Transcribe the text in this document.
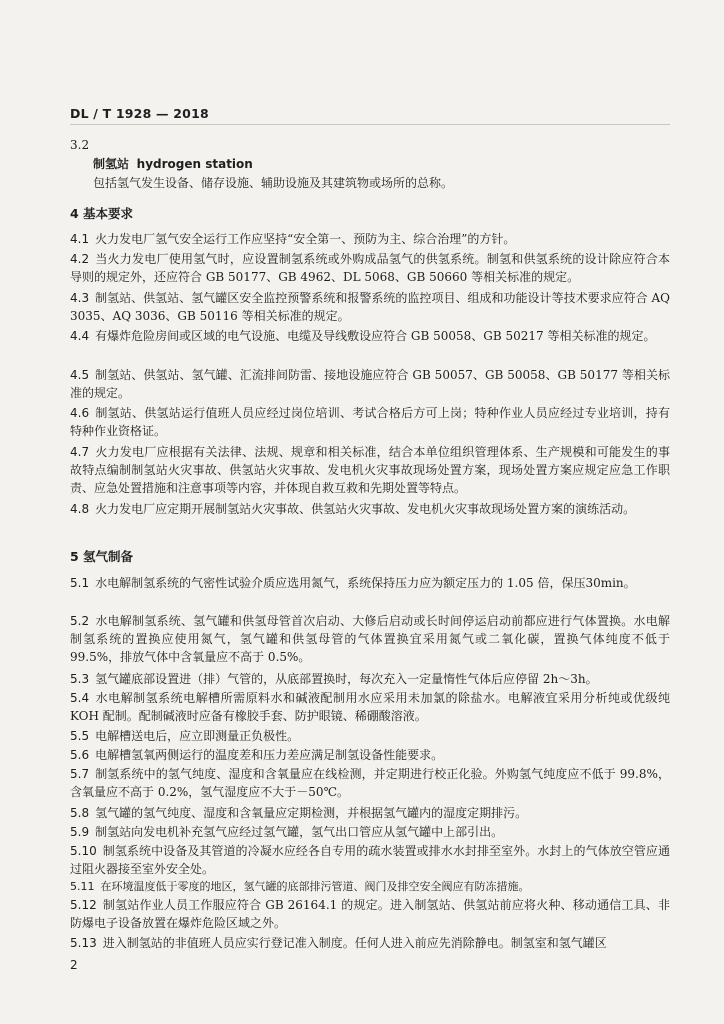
DL / T 1928 — 2018
3.2
制氢站 hydrogen station
包括氢气发生设备、储存设施、辅助设施及其建筑物或场所的总称。
4 基本要求
4.1 火力发电厂氢气安全运行工作应坚持“安全第一、预防为主、综合治理”的方针。
4.2 当火力发电厂使用氢气时，应设置制氢系统或外购成品氢气的供氢系统。制氢和供氢系统的设计除应符合本导则的规定外，还应符合 GB 50177、GB 4962、DL 5068、GB 50660 等相关标准的规定。
4.3 制氢站、供氢站、氢气罐区安全监控预警系统和报警系统的监控项目、组成和功能设计等技术要求应符合 AQ 3035、AQ 3036、GB 50116 等相关标准的规定。
4.4 有爆炸危险房间或区域的电气设施、电缆及导线敷设应符合 GB 50058、GB 50217 等相关标准的规定。
4.5 制氢站、供氢站、氢气罐、汇流排间防雷、接地设施应符合 GB 50057、GB 50058、GB 50177 等相关标准的规定。
4.6 制氢站、供氢站运行值班人员应经过岗位培训、考试合格后方可上岗；特种作业人员应经过专业培训，持有特种作业资格证。
4.7 火力发电厂应根据有关法律、法规、规章和相关标准，结合本单位组织管理体系、生产规模和可能发生的事故特点编制制氢站火灾事故、供氢站火灾事故、发电机火灾事故现场处置方案，现场处置方案应规定应急工作职责、应急处置措施和注意事项等内容，并体现自救互救和先期处置等特点。
4.8 火力发电厂应定期开展制氢站火灾事故、供氢站火灾事故、发电机火灾事故现场处置方案的演练活动。
5 氢气制备
5.1 水电解制氢系统的气密性试验介质应选用氮气，系统保持压力应为额定压力的 1.05 倍，保压30min。
5.2 水电解制氢系统、氢气罐和供氢母管首次启动、大修后启动或长时间停运启动前都应进行气体置换。水电解制氢系统的置换应使用氮气，氢气罐和供氢母管的气体置换宜采用氮气或二氧化碳，置换气体纯度不低于 99.5%，排放气体中含氧量应不高于 0.5%。
5.3 氢气罐底部设置进（排）气管的，从底部置换时，每次充入一定量惰性气体后应停留 2h～3h。
5.4 水电解制氢系统电解槽所需原料水和碱液配制用水应采用未加氯的除盐水。电解液宜采用分析纯或优级纯 KOH 配制。配制碱液时应备有橡胶手套、防护眼镜、稀硼酸溶液。
5.5 电解槽送电后，应立即测量正负极性。
5.6 电解槽氢氧两侧运行的温度差和压力差应满足制氢设备性能要求。
5.7 制氢系统中的氢气纯度、湿度和含氧量应在线检测，并定期进行校正化验。外购氢气纯度应不低于 99.8%，含氧量应不高于 0.2%，氢气湿度应不大于－50℃。
5.8 氢气罐的氢气纯度、湿度和含氧量应定期检测，并根据氢气罐内的湿度定期排污。
5.9 制氢站向发电机补充氢气应经过氢气罐，氢气出口管应从氢气罐中上部引出。
5.10 制氢系统中设备及其管道的冷凝水应经各自专用的疏水装置或排水水封排至室外。水封上的气体放空管应通过阻火器接至室外安全处。
5.11 在环境温度低于零度的地区，氢气罐的底部排污管道、阀门及排空安全阀应有防冻措施。
5.12 制氢站作业人员工作服应符合 GB 26164.1 的规定。进入制氢站、供氢站前应将火种、移动通信工具、非防爆电子设备放置在爆炸危险区域之外。
5.13 进入制氢站的非值班人员应实行登记准入制度。任何人进入前应先消除静电。制氢室和氢气罐区
2
